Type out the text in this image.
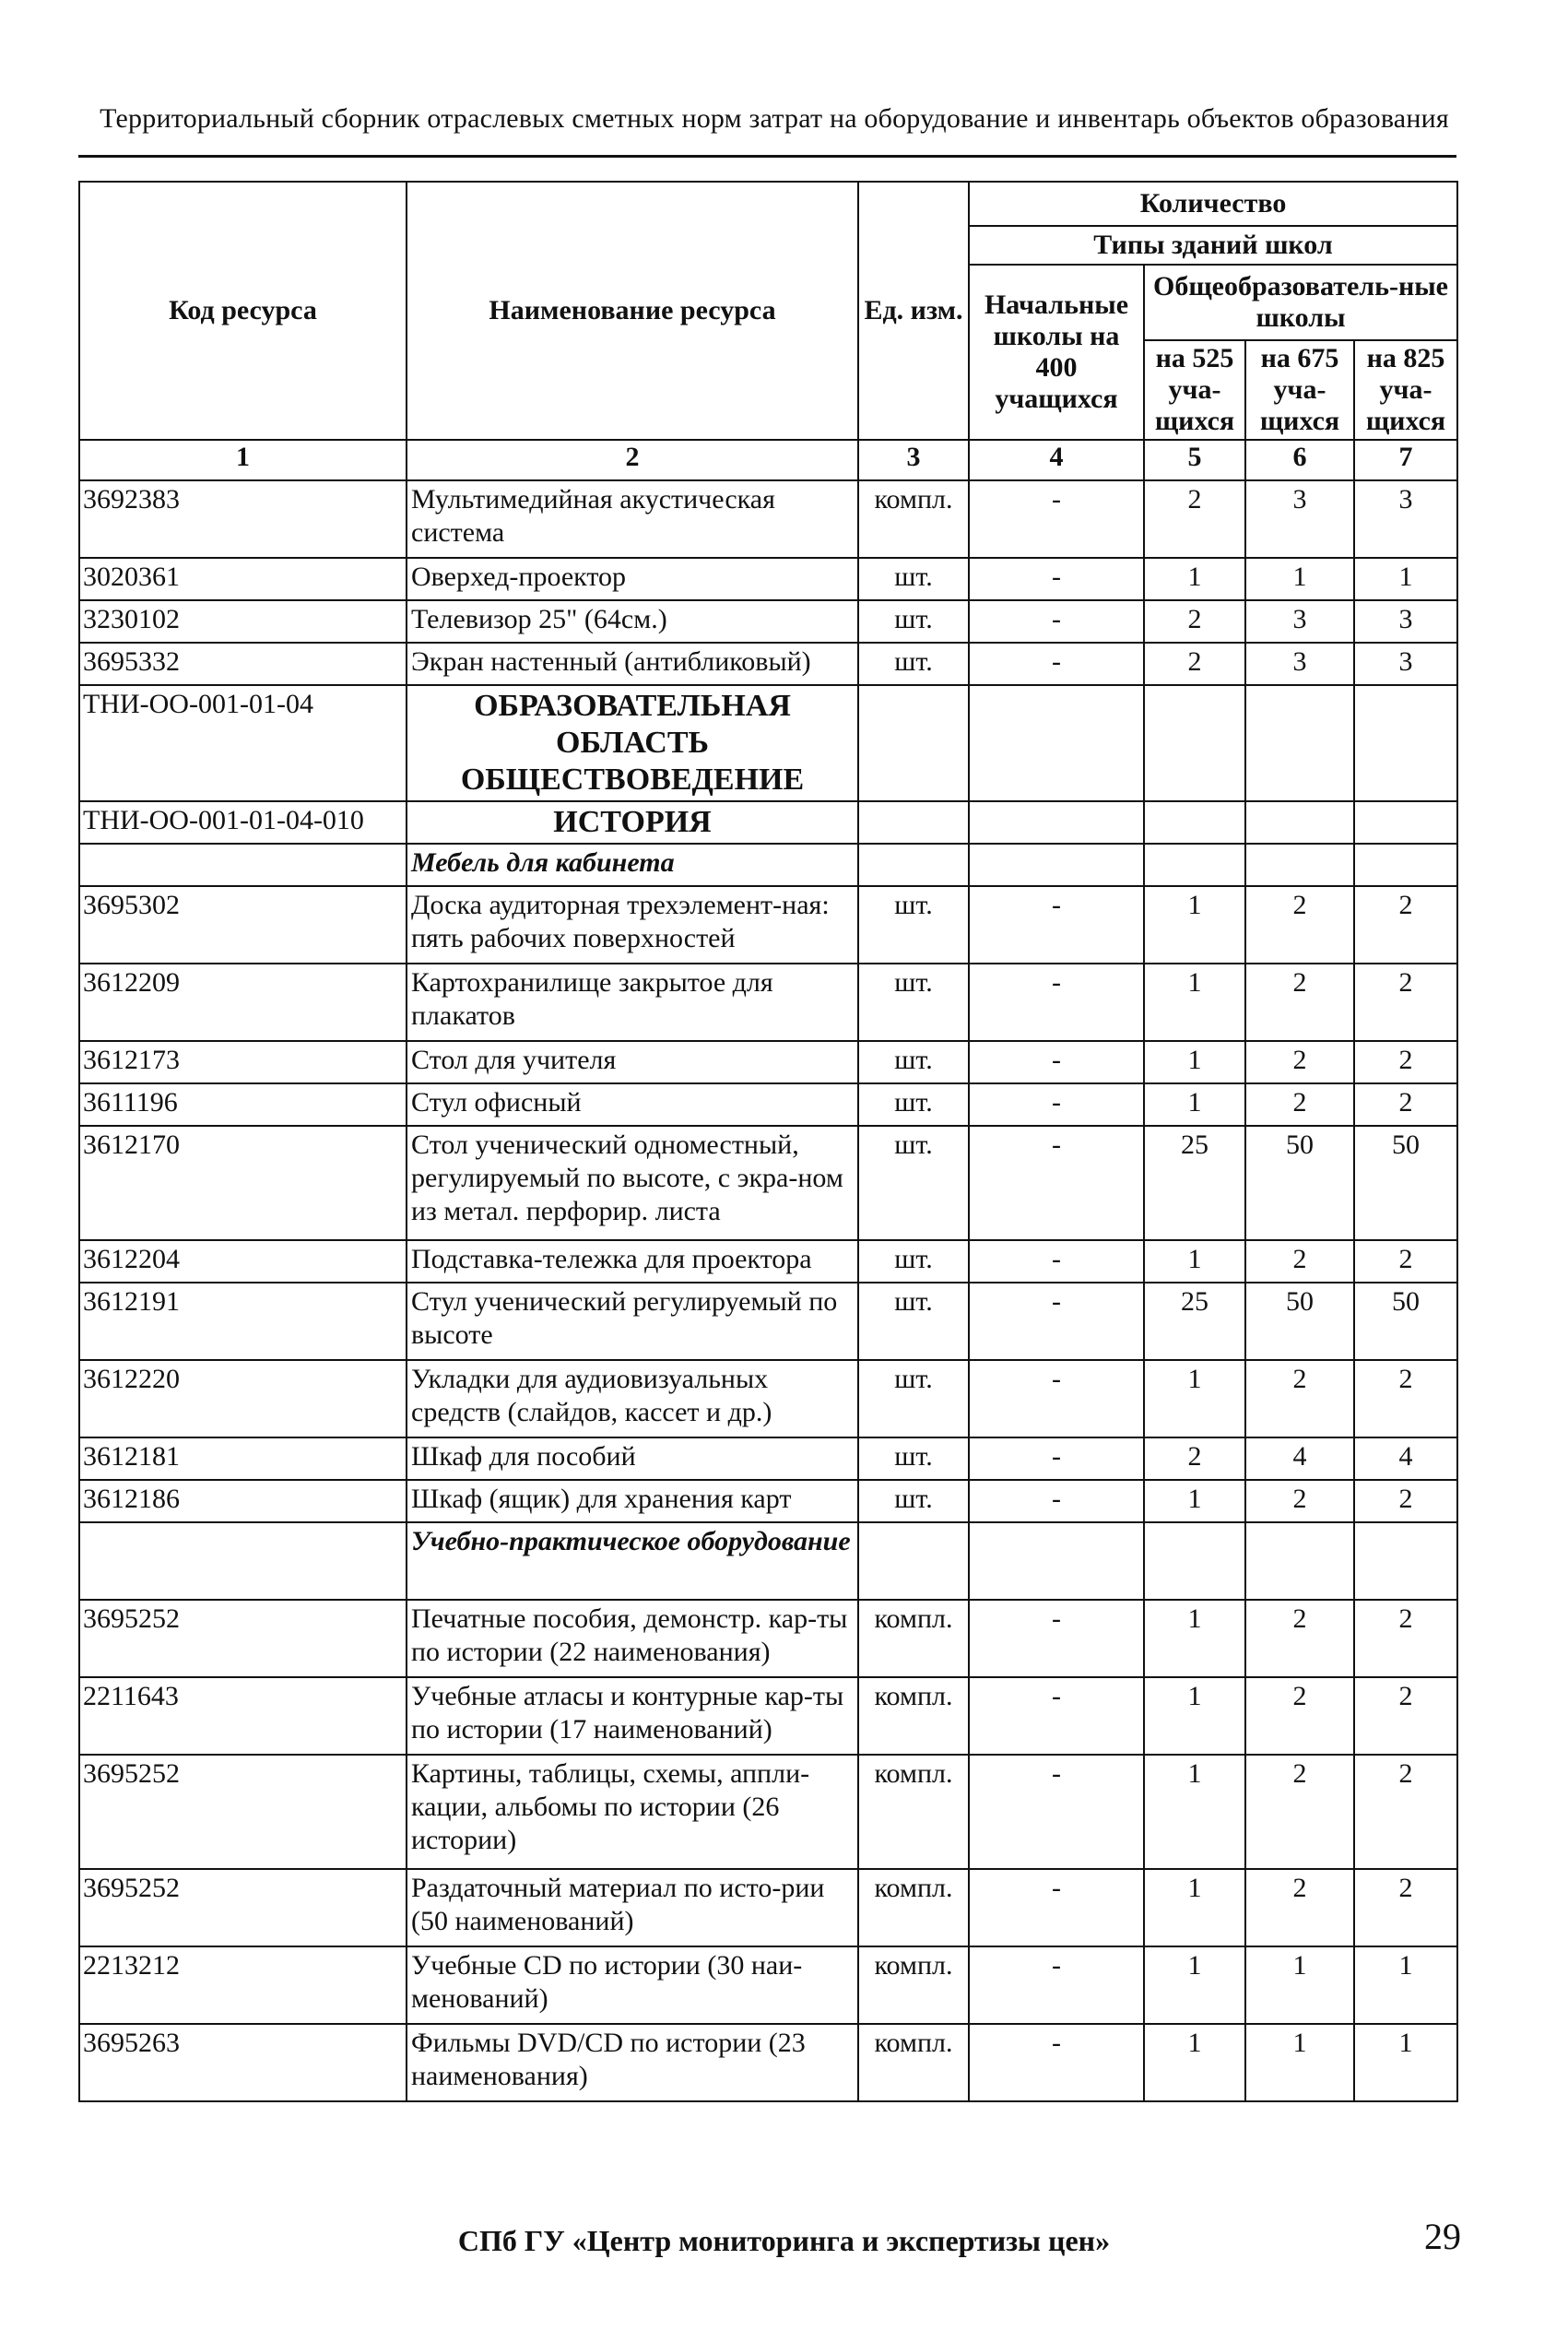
Территориальный сборник отраслевых сметных норм затрат на оборудование и инвентарь объектов образования
Код ресурса	Наименование ресурса	Ед. изм.	Количество			
			Типы зданий школ			
			Начальные школы на 400 учащихся	Общеобразователь-ные школы		
				на 525 уча-щихся	на 675 уча-щихся	на 825 уча-щихся
1	2	3	4	5	6	7
3692383	Мультимедийная акустическая система	компл.	-	2	3	3
3020361	Оверхед-проектор	шт.	-	1	1	1
3230102	Телевизор 25" (64см.)	шт.	-	2	3	3
3695332	Экран настенный (антибликовый)	шт.	-	2	3	3
ТНИ-ОО-001-01-04	ОБРАЗОВАТЕЛЬНАЯ ОБЛАСТЬ ОБЩЕСТВОВЕДЕНИЕ					
ТНИ-ОО-001-01-04-010	ИСТОРИЯ					
	Мебель для кабинета					
3695302	Доска аудиторная трехэлемент-ная: пять рабочих поверхностей	шт.	-	1	2	2
3612209	Картохранилище закрытое для плакатов	шт.	-	1	2	2
3612173	Стол для учителя	шт.	-	1	2	2
3611196	Стул офисный	шт.	-	1	2	2
3612170	Стол ученический одноместный, регулируемый по высоте, с экра-ном из метал. перфорир. листа	шт.	-	25	50	50
3612204	Подставка-тележка для проектора	шт.	-	1	2	2
3612191	Стул ученический регулируемый по высоте	шт.	-	25	50	50
3612220	Укладки для аудиовизуальных средств (слайдов, кассет и др.)	шт.	-	1	2	2
3612181	Шкаф для пособий	шт.	-	2	4	4
3612186	Шкаф (ящик) для хранения карт	шт.	-	1	2	2
	Учебно-практическое оборудование					
3695252	Печатные пособия, демонстр. кар-ты по истории (22 наименования)	компл.	-	1	2	2
2211643	Учебные атласы и контурные кар-ты по истории (17 наименований)	компл.	-	1	2	2
3695252	Картины, таблицы, схемы, аппли-кации, альбомы по истории (26 истории)	компл.	-	1	2	2
3695252	Раздаточный материал по исто-рии (50 наименований)	компл.	-	1	2	2
2213212	Учебные CD по истории (30 наи-менований)	компл.	-	1	1	1
3695263	Фильмы DVD/CD по истории (23 наименования)	компл.	-	1	1	1
СПб ГУ «Центр мониторинга и экспертизы цен»	29
